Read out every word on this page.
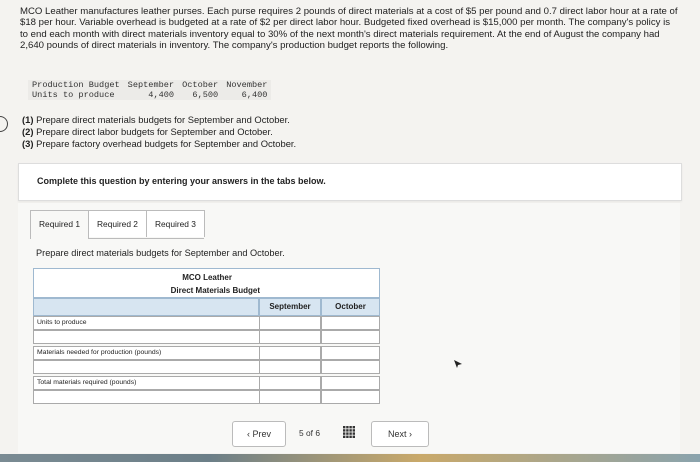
MCO Leather manufactures leather purses. Each purse requires 2 pounds of direct materials at a cost of $5 per pound and 0.7 direct labor hour at a rate of $18 per hour. Variable overhead is budgeted at a rate of $2 per direct labor hour. Budgeted fixed overhead is $15,000 per month. The company's policy is to end each month with direct materials inventory equal to 30% of the next month's direct materials requirement. At the end of August the company had 2,640 pounds of direct materials in inventory. The company's production budget reports the following.
Production Budget	September	October	November
Units to produce	4,400	6,500	6,400
(1) Prepare direct materials budgets for September and October.
(2) Prepare direct labor budgets for September and October.
(3) Prepare factory overhead budgets for September and October.
Complete this question by entering your answers in the tabs below.
Required 1	Required 2	Required 3
Prepare direct materials budgets for September and October.
MCO Leather
Direct Materials Budget
September	October
Units to produce
Materials needed for production (pounds)
Total materials required (pounds)
‹ Prev	5 of 6	Next ›
